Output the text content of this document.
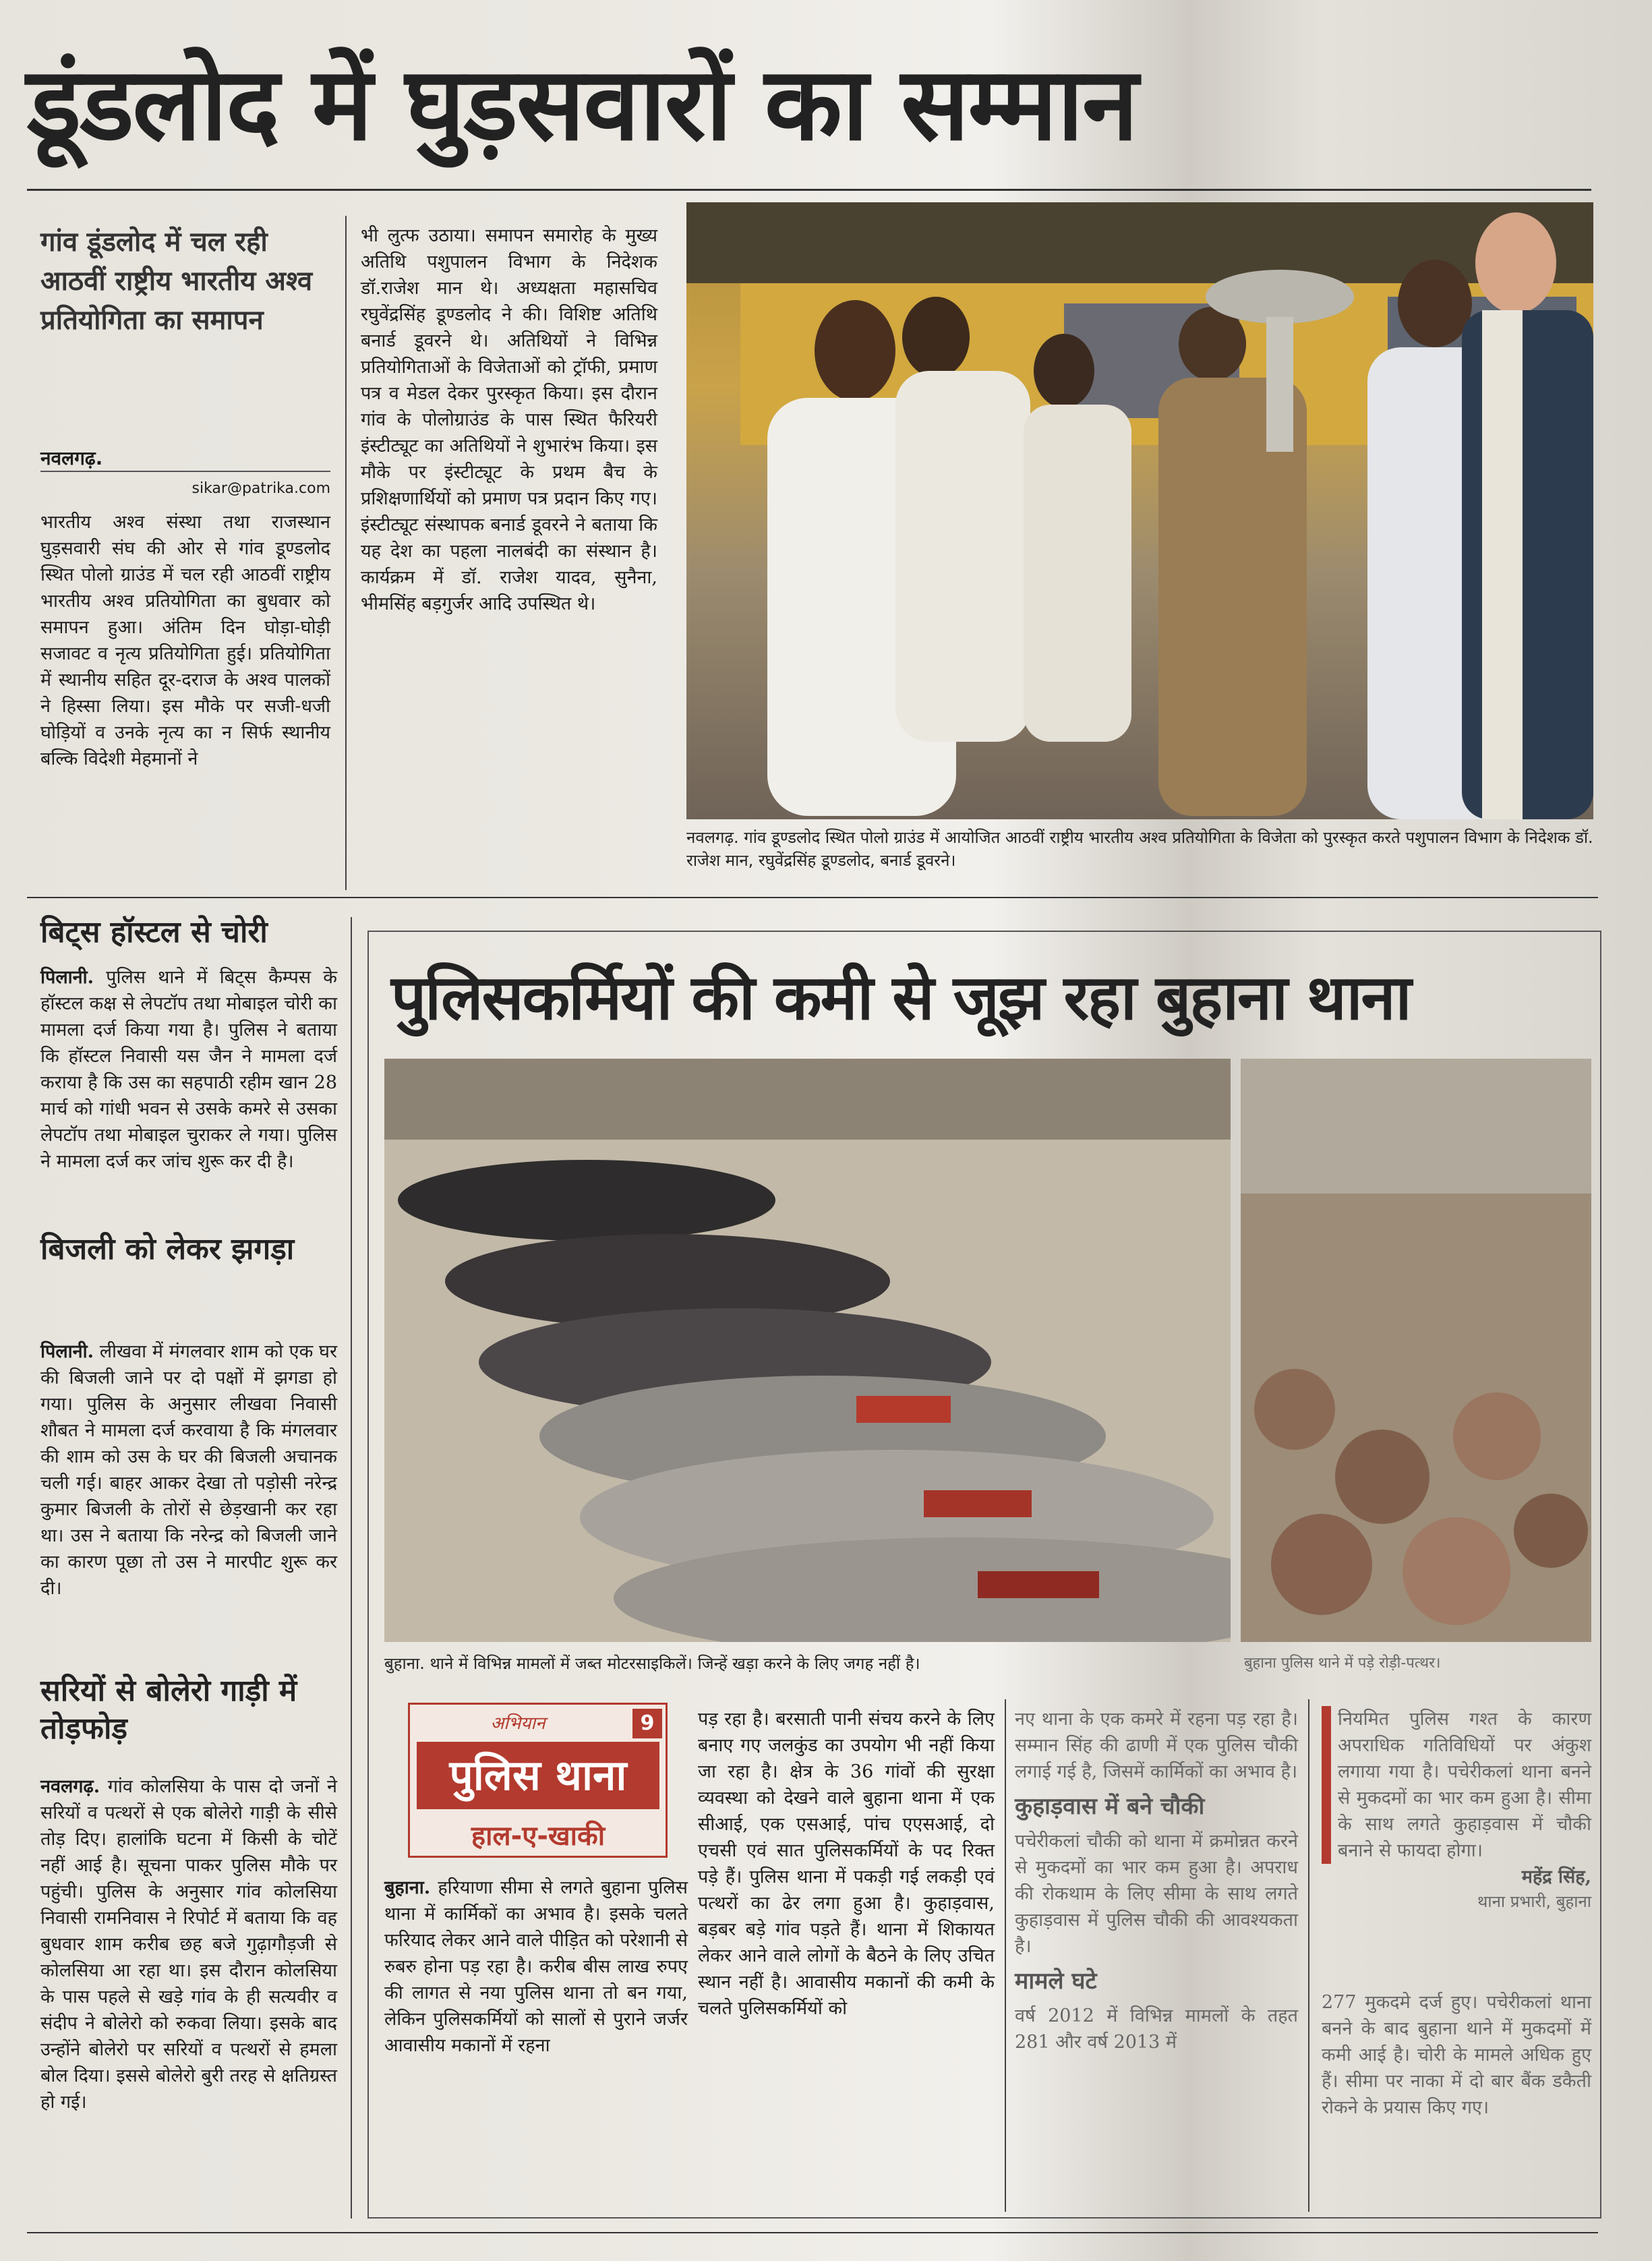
डूंडलोद में घुड़सवारों का सम्मान
गांव डूंडलोद में चल रही आठवीं राष्ट्रीय भारतीय अश्व प्रतियोगिता का समापन
नवलगढ़.
sikar@patrika.com
भारतीय अश्व संस्था तथा राजस्थान घुड़सवारी संघ की ओर से गांव डूण्डलोद स्थित पोलो ग्राउंड में चल रही आठवीं राष्ट्रीय भारतीय अश्व प्रतियोगिता का बुधवार को समापन हुआ। अंतिम दिन घोड़ा-घोड़ी सजावट व नृत्य प्रतियोगिता हुई। प्रतियोगिता में स्थानीय सहित दूर-दराज के अश्व पालकों ने हिस्सा लिया। इस मौके पर सजी-धजी घोड़ियों व उनके नृत्य का न सिर्फ स्थानीय बल्कि विदेशी मेहमानों ने
भी लुत्फ उठाया। समापन समारोह के मुख्य अतिथि पशुपालन विभाग के निदेशक डॉ.राजेश मान थे। अध्यक्षता महासचिव रघुवेंद्रसिंह डूण्डलोद ने की। विशिष्ट अतिथि बनार्ड डूवरने थे। अतिथियों ने विभिन्न प्रतियोगिताओं के विजेताओं को ट्रॉफी, प्रमाण पत्र व मेडल देकर पुरस्कृत किया। इस दौरान गांव के पोलोग्राउंड के पास स्थित फैरियरी इंस्टीट्यूट का अतिथियों ने शुभारंभ किया। इस मौके पर इंस्टीट्यूट के प्रथम बैच के प्रशिक्षणार्थियों को प्रमाण पत्र प्रदान किए गए। इंस्टीट्यूट संस्थापक बनार्ड डूवरने ने बताया कि यह देश का पहला नालबंदी का संस्थान है। कार्यक्रम में डॉ. राजेश यादव, सुनैना, भीमसिंह बड़गुर्जर आदि उपस्थित थे।
नवलगढ़. गांव डूण्डलोद स्थित पोलो ग्राउंड में आयोजित आठवीं राष्ट्रीय भारतीय अश्व प्रतियोगिता के विजेता को पुरस्कृत करते पशुपालन विभाग के निदेशक डॉ. राजेश मान, रघुवेंद्रसिंह डूण्डलोद, बनार्ड डूवरने।
बिट्स हॉस्टल से चोरी
पिलानी. पुलिस थाने में बिट्स कैम्पस के हॉस्टल कक्ष से लेपटॉप तथा मोबाइल चोरी का मामला दर्ज किया गया है। पुलिस ने बताया कि हॉस्टल निवासी यस जैन ने मामला दर्ज कराया है कि उस का सहपाठी रहीम खान 28 मार्च को गांधी भवन से उसके कमरे से उसका लेपटॉप तथा मोबाइल चुराकर ले गया। पुलिस ने मामला दर्ज कर जांच शुरू कर दी है।
बिजली को लेकर झगड़ा
पिलानी. लीखवा में मंगलवार शाम को एक घर की बिजली जाने पर दो पक्षों में झगडा हो गया। पुलिस के अनुसार लीखवा निवासी शौबत ने मामला दर्ज करवाया है कि मंगलवार की शाम को उस के घर की बिजली अचानक चली गई। बाहर आकर देखा तो पड़ोसी नरेन्द्र कुमार बिजली के तोरों से छेड़खानी कर रहा था। उस ने बताया कि नरेन्द्र को बिजली जाने का कारण पूछा तो उस ने मारपीट शुरू कर दी।
सरियों से बोलेरो गाड़ी में तोड़फोड़
नवलगढ़. गांव कोलसिया के पास दो जनों ने सरियों व पत्थरों से एक बोलेरो गाड़ी के सीसे तोड़ दिए। हालांकि घटना में किसी के चोटें नहीं आई है। सूचना पाकर पुलिस मौके पर पहुंची। पुलिस के अनुसार गांव कोलसिया निवासी रामनिवास ने रिपोर्ट में बताया कि वह बुधवार शाम करीब छह बजे गुढ़ागौड़जी से कोलसिया आ रहा था। इस दौरान कोलसिया के पास पहले से खड़े गांव के ही सत्यवीर व संदीप ने बोलेरो को रुकवा लिया। इसके बाद उन्होंने बोलेरो पर सरियों व पत्थरों से हमला बोल दिया। इससे बोलेरो बुरी तरह से क्षतिग्रस्त हो गई।
पुलिसकर्मियों की कमी से जूझ रहा बुहाना थाना
बुहाना. थाने में विभिन्न मामलों में जब्त मोटरसाइकिलें। जिन्हें खड़ा करने के लिए जगह नहीं है।	बुहाना पुलिस थाने में पड़े रोड़ी-पत्थर।
अभियान	9
पुलिस थाना
हाल-ए-खाकी
बुहाना. हरियाणा सीमा से लगते बुहाना पुलिस थाना में कार्मिकों का अभाव है। इसके चलते फरियाद लेकर आने वाले पीड़ित को परेशानी से रुबरु होना पड़ रहा है। करीब बीस लाख रुपए की लागत से नया पुलिस थाना तो बन गया, लेकिन पुलिसकर्मियों को सालों से पुराने जर्जर आवासीय मकानों में रहना
पड़ रहा है। बरसाती पानी संचय करने के लिए बनाए गए जलकुंड का उपयोग भी नहीं किया जा रहा है। क्षेत्र के 36 गांवों की सुरक्षा व्यवस्था को देखने वाले बुहाना थाना में एक सीआई, एक एसआई, पांच एएसआई, दो एचसी एवं सात पुलिसकर्मियों के पद रिक्त पड़े हैं। पुलिस थाना में पकड़ी गई लकड़ी एवं पत्थरों का ढेर लगा हुआ है। कुहाड़वास, बड़बर बड़े गांव पड़ते हैं। थाना में शिकायत लेकर आने वाले लोगों के बैठने के लिए उचित स्थान नहीं है। आवासीय मकानों की कमी के चलते पुलिसकर्मियों को
नए थाना के एक कमरे में रहना पड़ रहा है। सम्मान सिंह की ढाणी में एक पुलिस चौकी लगाई गई है, जिसमें कार्मिकों का अभाव है।
कुहाड़वास में बने चौकी
पचेरीकलां चौकी को थाना में क्रमोन्नत करने से मुकदमों का भार कम हुआ है। अपराध की रोकथाम के लिए सीमा के साथ लगते कुहाड़वास में पुलिस चौकी की आवश्यकता है।
मामले घटे
वर्ष 2012 में विभिन्न मामलों के तहत 281 और वर्ष 2013 में
नियमित पुलिस गश्त के कारण अपराधिक गतिविधियों पर अंकुश लगाया गया है। पचेरीकलां थाना बनने से मुकदमों का भार कम हुआ है। सीमा के साथ लगते कुहाड़वास में चौकी बनाने से फायदा होगा।
महेंद्र सिंह,
थाना प्रभारी, बुहाना
277 मुकदमे दर्ज हुए। पचेरीकलां थाना बनने के बाद बुहाना थाने में मुकदमों में कमी आई है। चोरी के मामले अधिक हुए हैं। सीमा पर नाका में दो बार बैंक डकैती रोकने के प्रयास किए गए।
